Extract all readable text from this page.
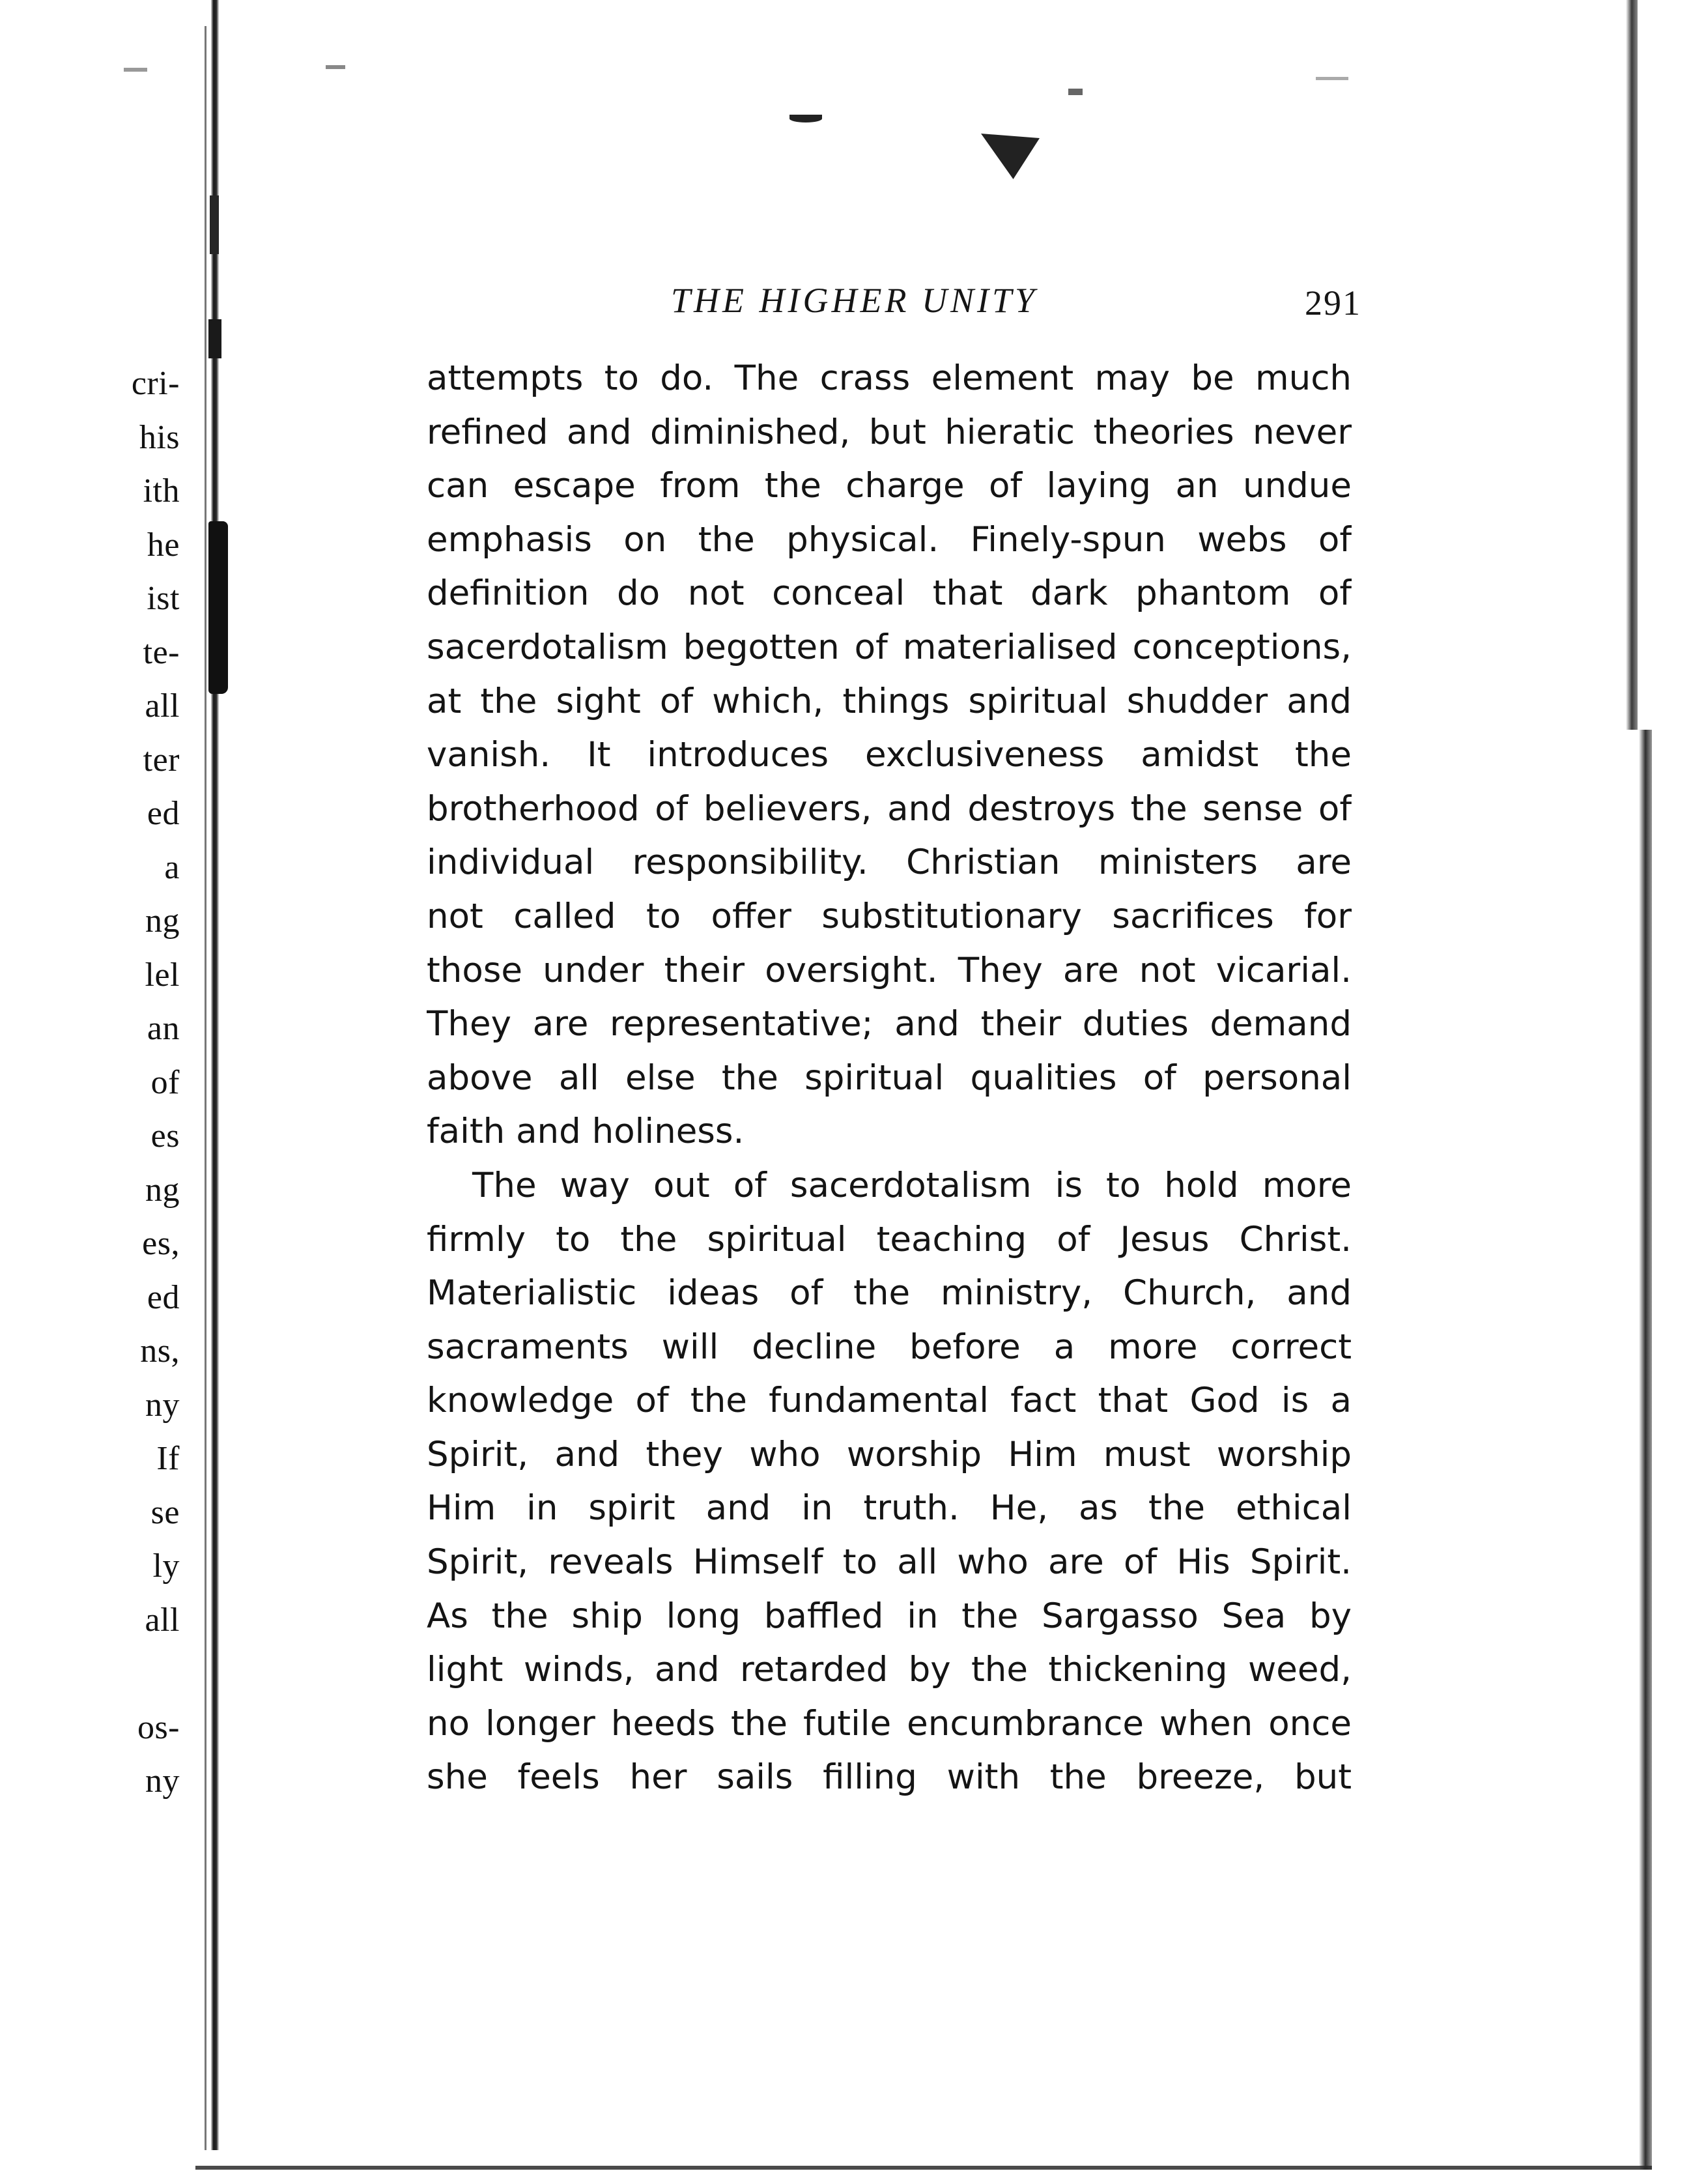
cri-
his
ith
he
ist
te-
all
ter
ed
a
ng
lel
an
of
es
ng
es,
ed
ns,
ny
If
se
ly
all
os-
ny
THE HIGHER UNITY	291
attempts to do. The crass element may be much
refined and diminished, but hieratic theories never
can escape from the charge of laying an undue
emphasis on the physical. Finely-spun webs of
definition do not conceal that dark phantom of
sacerdotalism begotten of materialised conceptions,
at the sight of which, things spiritual shudder and
vanish. It introduces exclusiveness amidst the
brotherhood of believers, and destroys the sense of
individual responsibility. Christian ministers are
not called to offer substitutionary sacrifices for
those under their oversight. They are not vicarial.
They are representative; and their duties demand
above all else the spiritual qualities of personal
faith and holiness.
The way out of sacerdotalism is to hold more
firmly to the spiritual teaching of Jesus Christ.
Materialistic ideas of the ministry, Church, and
sacraments will decline before a more correct
knowledge of the fundamental fact that God is a
Spirit, and they who worship Him must worship
Him in spirit and in truth. He, as the ethical
Spirit, reveals Himself to all who are of His Spirit.
As the ship long baffled in the Sargasso Sea by
light winds, and retarded by the thickening weed,
no longer heeds the futile encumbrance when once
she feels her sails filling with the breeze, but
